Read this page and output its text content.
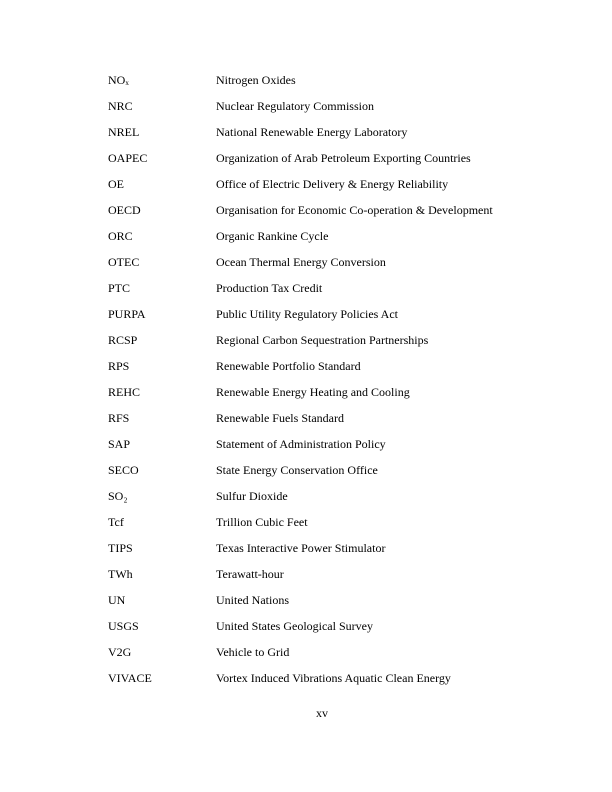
NOₓ	Nitrogen Oxides
NRC	Nuclear Regulatory Commission
NREL	National Renewable Energy Laboratory
OAPEC	Organization of Arab Petroleum Exporting Countries
OE	Office of Electric Delivery & Energy Reliability
OECD	Organisation for Economic Co-operation & Development
ORC	Organic Rankine Cycle
OTEC	Ocean Thermal Energy Conversion
PTC	Production Tax Credit
PURPA	Public Utility Regulatory Policies Act
RCSP	Regional Carbon Sequestration Partnerships
RPS	Renewable Portfolio Standard
REHC	Renewable Energy Heating and Cooling
RFS	Renewable Fuels Standard
SAP	Statement of Administration Policy
SECO	State Energy Conservation Office
SO₂	Sulfur Dioxide
Tcf	Trillion Cubic Feet
TIPS	Texas Interactive Power Stimulator
TWh	Terawatt-hour
UN	United Nations
USGS	United States Geological Survey
V2G	Vehicle to Grid
VIVACE	Vortex Induced Vibrations Aquatic Clean Energy
xv
